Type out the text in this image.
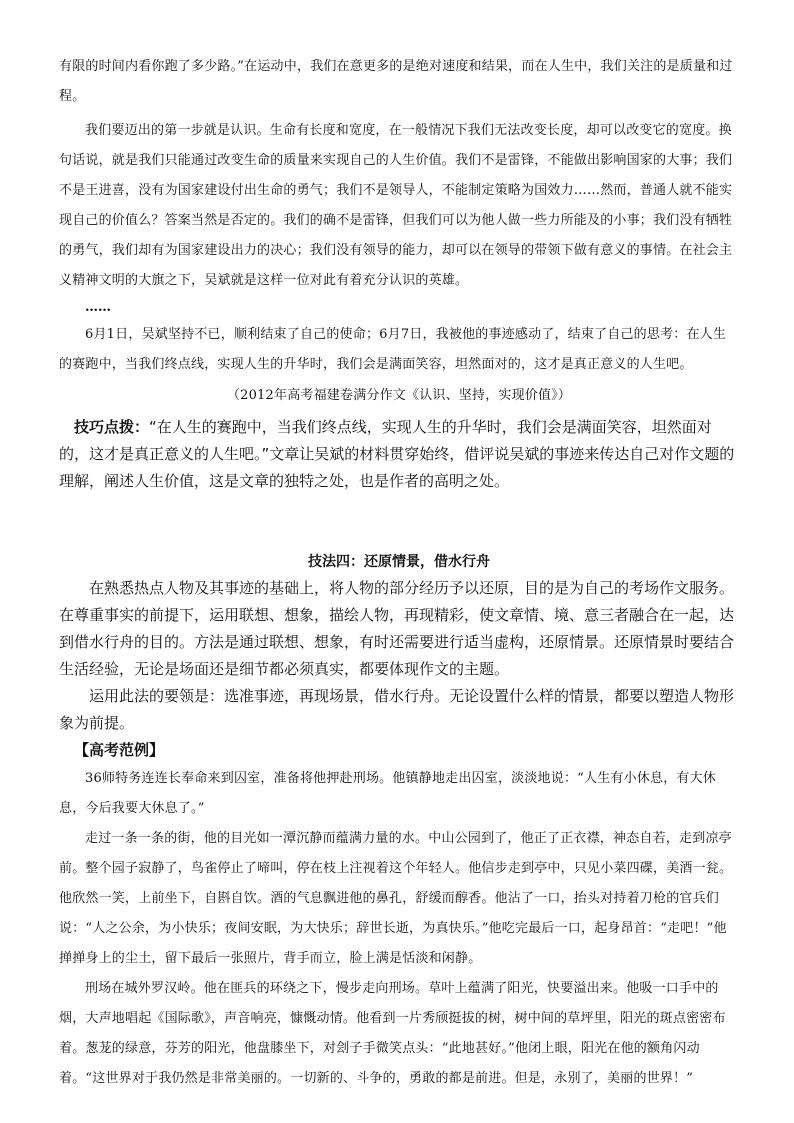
有限的时间内看你跑了多少路。”在运动中，我们在意更多的是绝对速度和结果，而在人生中，我们关注的是质量和过程。

我们要迈出的第一步就是认识。生命有长度和宽度，在一般情况下我们无法改变长度，却可以改变它的宽度。换句话说，就是我们只能通过改变生命的质量来实现自己的人生价值。我们不是雷锋，不能做出影响国家的大事；我们不是王进喜，没有为国家建设付出生命的勇气；我们不是领导人，不能制定策略为国效力……然而，普通人就不能实现自己的价值么？答案当然是否定的。我们的确不是雷锋，但我们可以为他人做一些力所能及的小事；我们没有牺牲的勇气，我们却有为国家建设出力的决心；我们没有领导的能力，却可以在领导的带领下做有意义的事情。在社会主义精神文明的大旗之下，吴斌就是这样一位对此有着充分认识的英雄。

……

6月1日，吴斌坚持不已，顺利结束了自己的使命；6月7日，我被他的事迹感动了，结束了自己的思考：在人生的赛跑中，当我们终点线，实现人生的升华时，我们会是满面笑容，坦然面对的，这才是真正意义的人生吧。

（2012年高考福建卷满分作文《认识、坚持，实现价值》）

技巧点拨：“在人生的赛跑中，当我们终点线，实现人生的升华时，我们会是满面笑容，坦然面对的，这才是真正意义的人生吧。”文章让吴斌的材料贯穿始终，借评说吴斌的事迹来传达自己对作文题的理解，阐述人生价值，这是文章的独特之处，也是作者的高明之处。

技法四：还原情景，借水行舟

在熟悉热点人物及其事迹的基础上，将人物的部分经历予以还原，目的是为自己的考场作文服务。在尊重事实的前提下，运用联想、想象，描绘人物，再现精彩，使文章情、境、意三者融合在一起，达到借水行舟的目的。方法是通过联想、想象，有时还需要进行适当虚构，还原情景。还原情景时要结合生活经验，无论是场面还是细节都必须真实，都要体现作文的主题。

运用此法的要领是：选准事迹，再现场景，借水行舟。无论设置什么样的情景，都要以塑造人物形象为前提。

【高考范例】

36师特务连连长奉命来到囚室，准备将他押赴刑场。他镇静地走出囚室，淡淡地说：“人生有小休息，有大休息，今后我要大休息了。”

走过一条一条的街，他的目光如一潭沉静而蕴满力量的水。中山公园到了，他正了正衣襟，神态自若，走到凉亭前。整个园子寂静了，鸟雀停止了啼叫，停在枝上注视着这个年轻人。他信步走到亭中，只见小菜四碟，美酒一瓮。他欣然一笑，上前坐下，自斟自饮。酒的气息飘进他的鼻孔，舒缓而醇香。他沾了一口，抬头对持着刀枪的官兵们说：“人之公余，为小快乐；夜间安眠，为大快乐；辞世长逝，为真快乐。”他吃完最后一口，起身昂首：“走吧！”他掸掸身上的尘土，留下最后一张照片，背手而立，脸上满是恬淡和闲静。

刑场在城外罗汉岭。他在匪兵的环绕之下，慢步走向刑场。草叶上蕴满了阳光，快要溢出来。他吸一口手中的烟，大声地唱起《国际歌》，声音响亮，慷慨动情。他看到一片秀颀挺拔的树，树中间的草坪里，阳光的斑点密密布着。葱茏的绿意，芬芳的阳光，他盘膝坐下，对刽子手微笑点头：“此地甚好。”他闭上眼，阳光在他的额角闪动着。“这世界对于我仍然是非常美丽的。一切新的、斗争的，勇敢的都是前进。但是，永别了，美丽的世界！”
